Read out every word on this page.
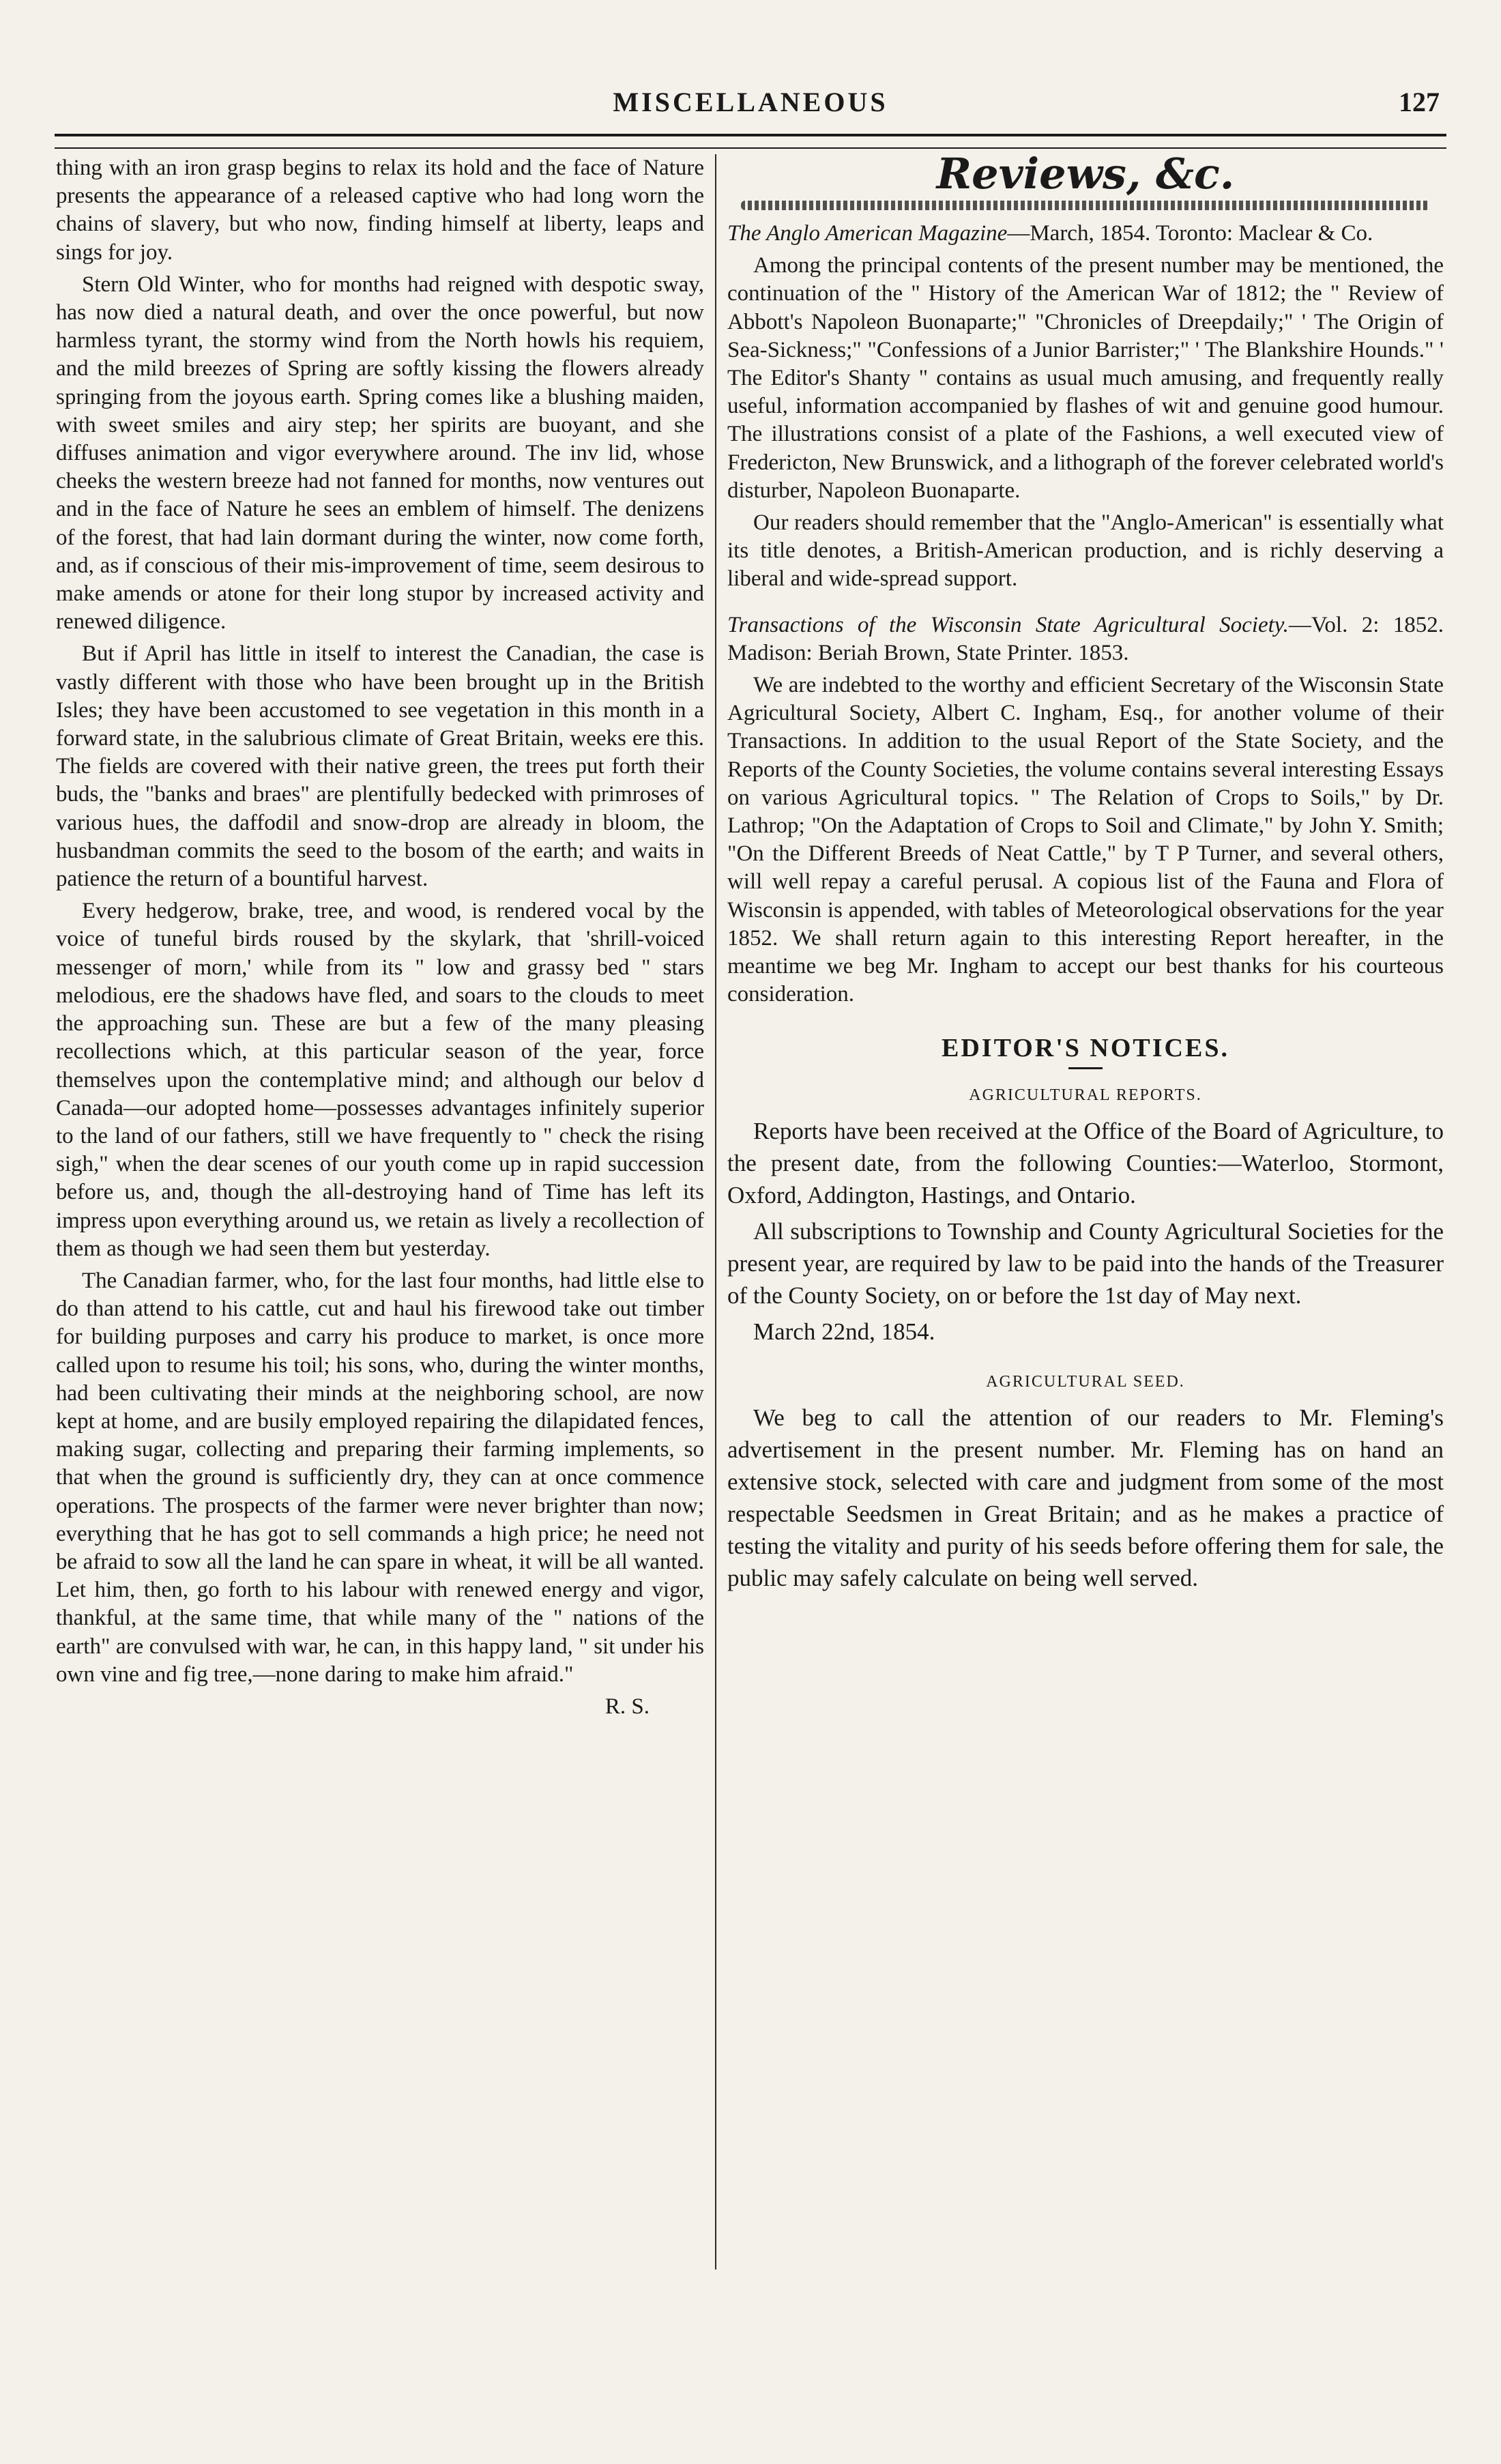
MISCELLANEOUS	127

thing with an iron grasp begins to relax its hold and the face of Nature presents the appearance of a released captive who had long worn the chains of slavery, but who now, finding himself at liberty, leaps and sings for joy.

Stern Old Winter, who for months had reigned with despotic sway, has now died a natural death, and over the once powerful, but now harmless tyrant, the stormy wind from the North howls his requiem, and the mild breezes of Spring are softly kissing the flowers already springing from the joyous earth. Spring comes like a blushing maiden, with sweet smiles and airy step; her spirits are buoyant, and she diffuses animation and vigor everywhere around. The inv lid, whose cheeks the western breeze had not fanned for months, now ventures out and in the face of Nature he sees an emblem of himself. The denizens of the forest, that had lain dormant during the winter, now come forth, and, as if conscious of their mis-improvement of time, seem desirous to make amends or atone for their long stupor by increased activity and renewed diligence.

But if April has little in itself to interest the Canadian, the case is vastly different with those who have been brought up in the British Isles; they have been accustomed to see vegetation in this month in a forward state, in the salubrious climate of Great Britain, weeks ere this. The fields are covered with their native green, the trees put forth their buds, the "banks and braes" are plentifully bedecked with primroses of various hues, the daffodil and snow-drop are already in bloom, the husbandman commits the seed to the bosom of the earth; and waits in patience the return of a bountiful harvest.

Every hedgerow, brake, tree, and wood, is rendered vocal by the voice of tuneful birds roused by the skylark, that 'shrill-voiced messenger of morn,' while from its " low and grassy bed " stars melodious, ere the shadows have fled, and soars to the clouds to meet the approaching sun. These are but a few of the many pleasing recollections which, at this particular season of the year, force themselves upon the contemplative mind; and although our belov d Canada—our adopted home—possesses advantages infinitely superior to the land of our fathers, still we have frequently to " check the rising sigh," when the dear scenes of our youth come up in rapid succession before us, and, though the all-destroying hand of Time has left its impress upon everything around us, we retain as lively a recollection of them as though we had seen them but yesterday.

The Canadian farmer, who, for the last four months, had little else to do than attend to his cattle, cut and haul his firewood take out timber for building purposes and carry his produce to market, is once more called upon to resume his toil; his sons, who, during the winter months, had been cultivating their minds at the neighboring school, are now kept at home, and are busily employed repairing the dilapidated fences, making sugar, collecting and preparing their farming implements, so that when the ground is sufficiently dry, they can at once commence operations. The prospects of the farmer were never brighter than now; everything that he has got to sell commands a high price; he need not be afraid to sow all the land he can spare in wheat, it will be all wanted. Let him, then, go forth to his labour with renewed energy and vigor, thankful, at the same time, that while many of the " nations of the earth" are convulsed with war, he can, in this happy land, " sit under his own vine and fig tree,—none daring to make him afraid."

R. S.
Reviews, &c.

The Anglo American Magazine—March, 1854. Toronto: Maclear & Co.

Among the principal contents of the present number may be mentioned, the continuation of the " History of the American War of 1812; the " Review of Abbott's Napoleon Buonaparte;" "Chronicles of Dreepdaily;" ' The Origin of Sea-Sickness;" "Confessions of a Junior Barrister;" ' The Blankshire Hounds." ' The Editor's Shanty " contains as usual much amusing, and frequently really useful, information accompanied by flashes of wit and genuine good humour. The illustrations consist of a plate of the Fashions, a well executed view of Fredericton, New Brunswick, and a lithograph of the forever celebrated world's disturber, Napoleon Buonaparte.

Our readers should remember that the "Anglo-American" is essentially what its title denotes, a British-American production, and is richly deserving a liberal and wide-spread support.

Transactions of the Wisconsin State Agricultural Society.—Vol. 2: 1852. Madison: Beriah Brown, State Printer. 1853.

We are indebted to the worthy and efficient Secretary of the Wisconsin State Agricultural Society, Albert C. Ingham, Esq., for another volume of their Transactions. In addition to the usual Report of the State Society, and the Reports of the County Societies, the volume contains several interesting Essays on various Agricultural topics. " The Relation of Crops to Soils," by Dr. Lathrop; "On the Adaptation of Crops to Soil and Climate," by John Y. Smith; "On the Different Breeds of Neat Cattle," by T P Turner, and several others, will well repay a careful perusal. A copious list of the Fauna and Flora of Wisconsin is appended, with tables of Meteorological observations for the year 1852. We shall return again to this interesting Report hereafter, in the meantime we beg Mr. Ingham to accept our best thanks for his courteous consideration.

EDITOR'S NOTICES.
AGRICULTURAL REPORTS.

Reports have been received at the Office of the Board of Agriculture, to the present date, from the following Counties:—Waterloo, Stormont, Oxford, Addington, Hastings, and Ontario.

All subscriptions to Township and County Agricultural Societies for the present year, are required by law to be paid into the hands of the Treasurer of the County Society, on or before the 1st day of May next.

March 22nd, 1854.

AGRICULTURAL SEED.

We beg to call the attention of our readers to Mr. Fleming's advertisement in the present number. Mr. Fleming has on hand an extensive stock, selected with care and judgment from some of the most respectable Seedsmen in Great Britain; and as he makes a practice of testing the vitality and purity of his seeds before offering them for sale, the public may safely calculate on being well served.
